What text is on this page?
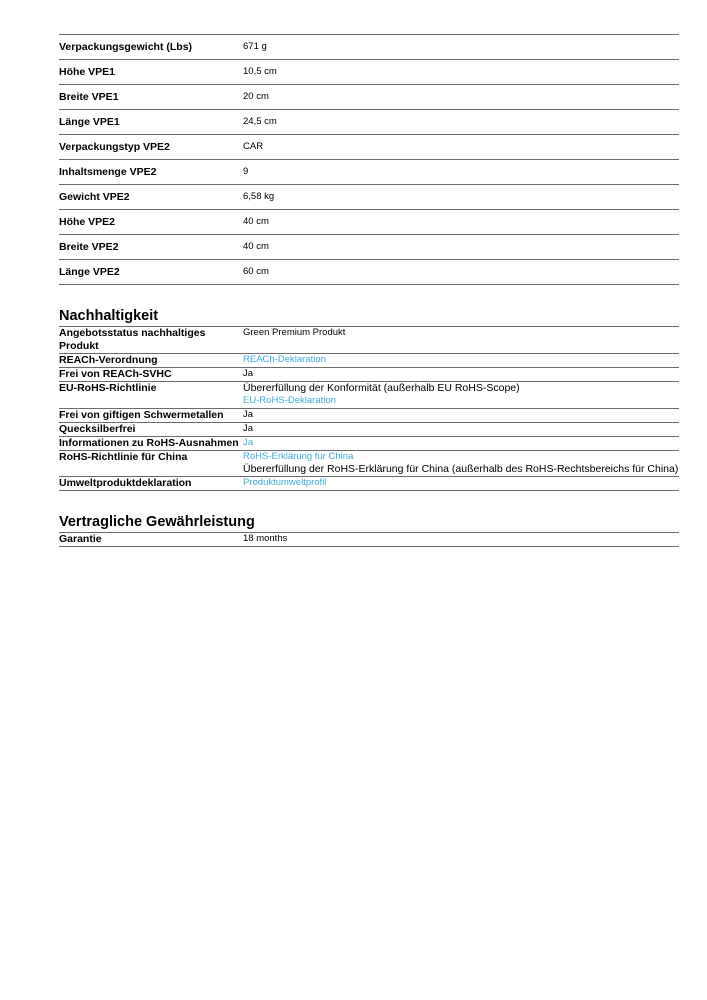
Verpackungsgewicht (Lbs)	671 g
Höhe VPE1	10,5 cm
Breite VPE1	20 cm
Länge VPE1	24,5 cm
Verpackungstyp VPE2	CAR
Inhaltsmenge VPE2	9
Gewicht VPE2	6,58 kg
Höhe VPE2	40 cm
Breite VPE2	40 cm
Länge VPE2	60 cm
Nachhaltigkeit
Angebotsstatus nachhaltiges Produkt	Green Premium Produkt
REACh-Verordnung	REACh-Deklaration

Frei von REACh-SVHC	Ja
EU-RoHS-Richtlinie	Übererfüllung der Konformität (außerhalb EU RoHS-Scope)
EU-RoHS-Deklaration

Frei von giftigen Schwermetallen	Ja
Quecksilberfrei	Ja
Informationen zu RoHS-Ausnahmen	Ja

RoHS-Richtlinie für China	RoHS-Erklärung für China
Übererfüllung der RoHS-Erklärung für China (außerhalb des RoHS-Rechtsbereichs für China)

Umweltproduktdeklaration	Produktumweltprofil
Vertragliche Gewährleistung
Garantie	18 months
